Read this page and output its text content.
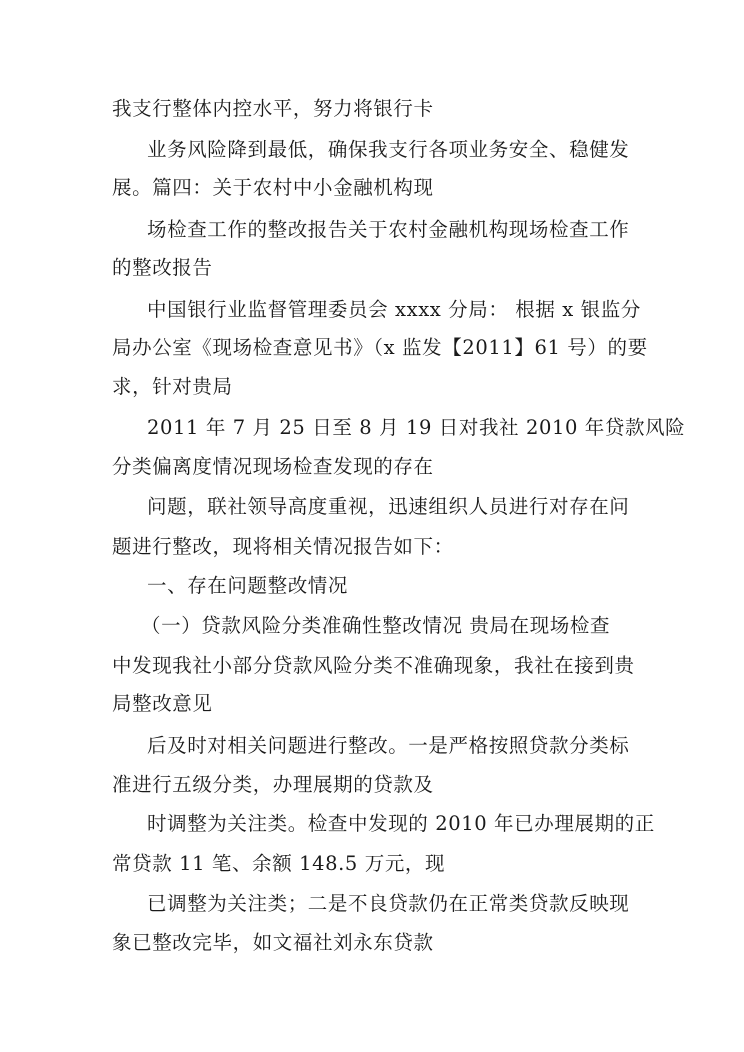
我支行整体内控水平，努力将银行卡
业务风险降到最低，确保我支行各项业务安全、稳健发
展。篇四：关于农村中小金融机构现
场检查工作的整改报告关于农村金融机构现场检查工作
的整改报告
中国银行业监督管理委员会 xxxx 分局： 根据 x 银监分
局办公室《现场检查意见书》（x 监发【2011】61 号）的要
求，针对贵局
2011 年 7 月 25 日至 8 月 19 日对我社 2010 年贷款风险
分类偏离度情况现场检查发现的存在
问题，联社领导高度重视，迅速组织人员进行对存在问
题进行整改，现将相关情况报告如下：
一、存在问题整改情况
（一）贷款风险分类准确性整改情况 贵局在现场检查
中发现我社小部分贷款风险分类不准确现象，我社在接到贵
局整改意见
后及时对相关问题进行整改。一是严格按照贷款分类标
准进行五级分类，办理展期的贷款及
时调整为关注类。检查中发现的 2010 年已办理展期的正
常贷款 11 笔、余额 148.5 万元，现
已调整为关注类；二是不良贷款仍在正常类贷款反映现
象已整改完毕，如文福社刘永东贷款
